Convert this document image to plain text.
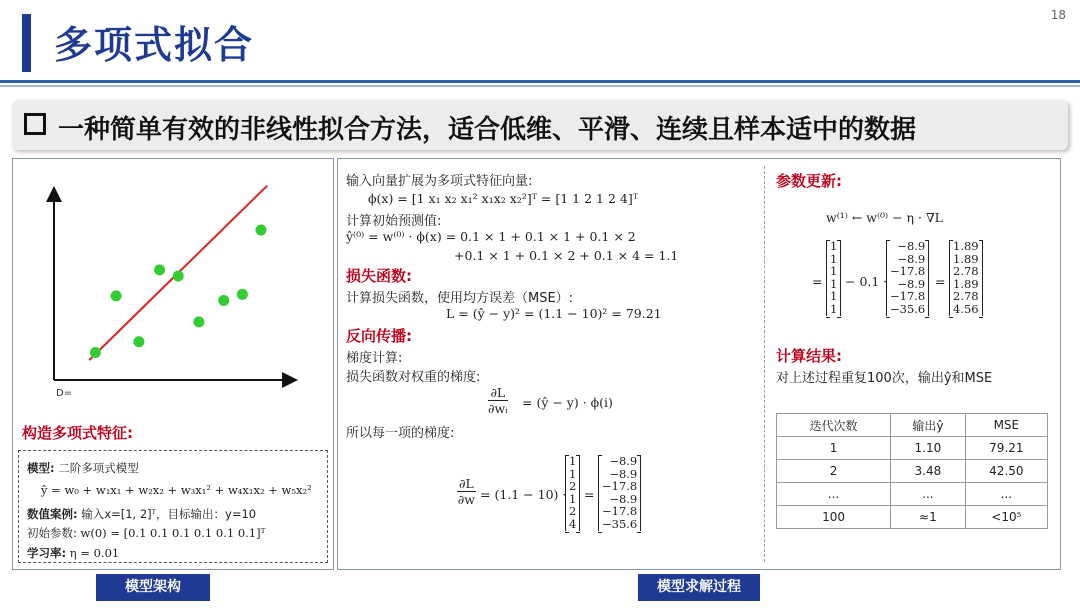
多项式拟合
18
一种简单有效的非线性拟合方法，适合低维、平滑、连续且样本适中的数据
D=
构造多项式特征:
模型: 二阶多项式模型
ŷ = w₀ + w₁x₁ + w₂x₂ + w₃x₁² + w₄x₁x₂ + w₅x₂²
数值案例: 输入x=[1, 2]ᵀ，目标输出：y=10
初始参数: w(0) = [0.1 0.1 0.1 0.1 0.1 0.1]ᵀ
学习率: η = 0.01
模型架构
输入向量扩展为多项式特征向量:
ϕ(x) = [1 x₁ x₂ x₁² x₁x₂ x₂²]ᵀ = [1 1 2 1 2 4]ᵀ
计算初始预测值:
ŷ⁽⁰⁾ = w⁽⁰⁾ · ϕ(x) = 0.1 × 1 + 0.1 × 1 + 0.1 × 2
+0.1 × 1 + 0.1 × 2 + 0.1 × 4 = 1.1
损失函数:
计算损失函数，使用均方误差（MSE）:
L = (ŷ − y)² = (1.1 − 10)² = 79.21
反向传播:
梯度计算:
损失函数对权重的梯度:
$\frac{\partial L}{\text{∂wᵢ}}$ = (ŷ − y) · ϕ(i)
所以每一项的梯度:
$\frac{\partial L}{\partial w} = (1.1 - 10)$ ·
1
1
2
1
2
4
=
−8.9
−8.9
−17.8
−8.9
−17.8
−35.6
模型求解过程
参数更新:
w⁽¹⁾ ← w⁽⁰⁾ − η · ∇L
=
1
1
1
1
1
1
− 0.1 ·
−8.9
−8.9
−17.8
−8.9
−17.8
−35.6
=
1.89
1.89
2.78
1.89
2.78
4.56
计算结果:
对上述过程重复100次，输出ŷ和MSE
迭代次数	输出ŷ	MSE
1	1.10	79.21
2	3.48	42.50
...	...	...
100	≈1	<10⁵
